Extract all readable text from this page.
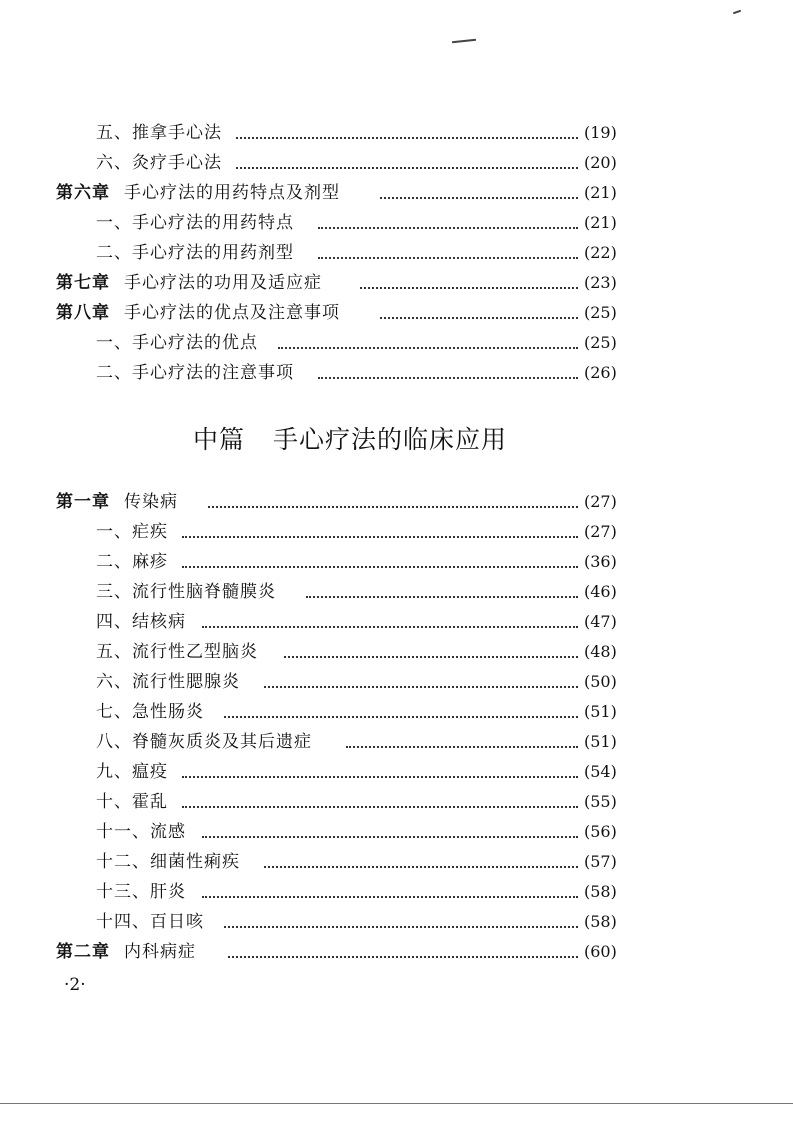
五、推拿手心法	(19)
六、灸疗手心法	(20)
第六章 手心疗法的用药特点及剂型	(21)
一、手心疗法的用药特点	(21)
二、手心疗法的用药剂型	(22)
第七章 手心疗法的功用及适应症	(23)
第八章 手心疗法的优点及注意事项	(25)
一、手心疗法的优点	(25)
二、手心疗法的注意事项	(26)
中篇 手心疗法的临床应用
第一章 传染病	(27)
一、疟疾	(27)
二、麻疹	(36)
三、流行性脑脊髓膜炎	(46)
四、结核病	(47)
五、流行性乙型脑炎	(48)
六、流行性腮腺炎	(50)
七、急性肠炎	(51)
八、脊髓灰质炎及其后遗症	(51)
九、瘟疫	(54)
十、霍乱	(55)
十一、流感	(56)
十二、细菌性痢疾	(57)
十三、肝炎	(58)
十四、百日咳	(58)
第二章 内科病症	(60)
·2·
